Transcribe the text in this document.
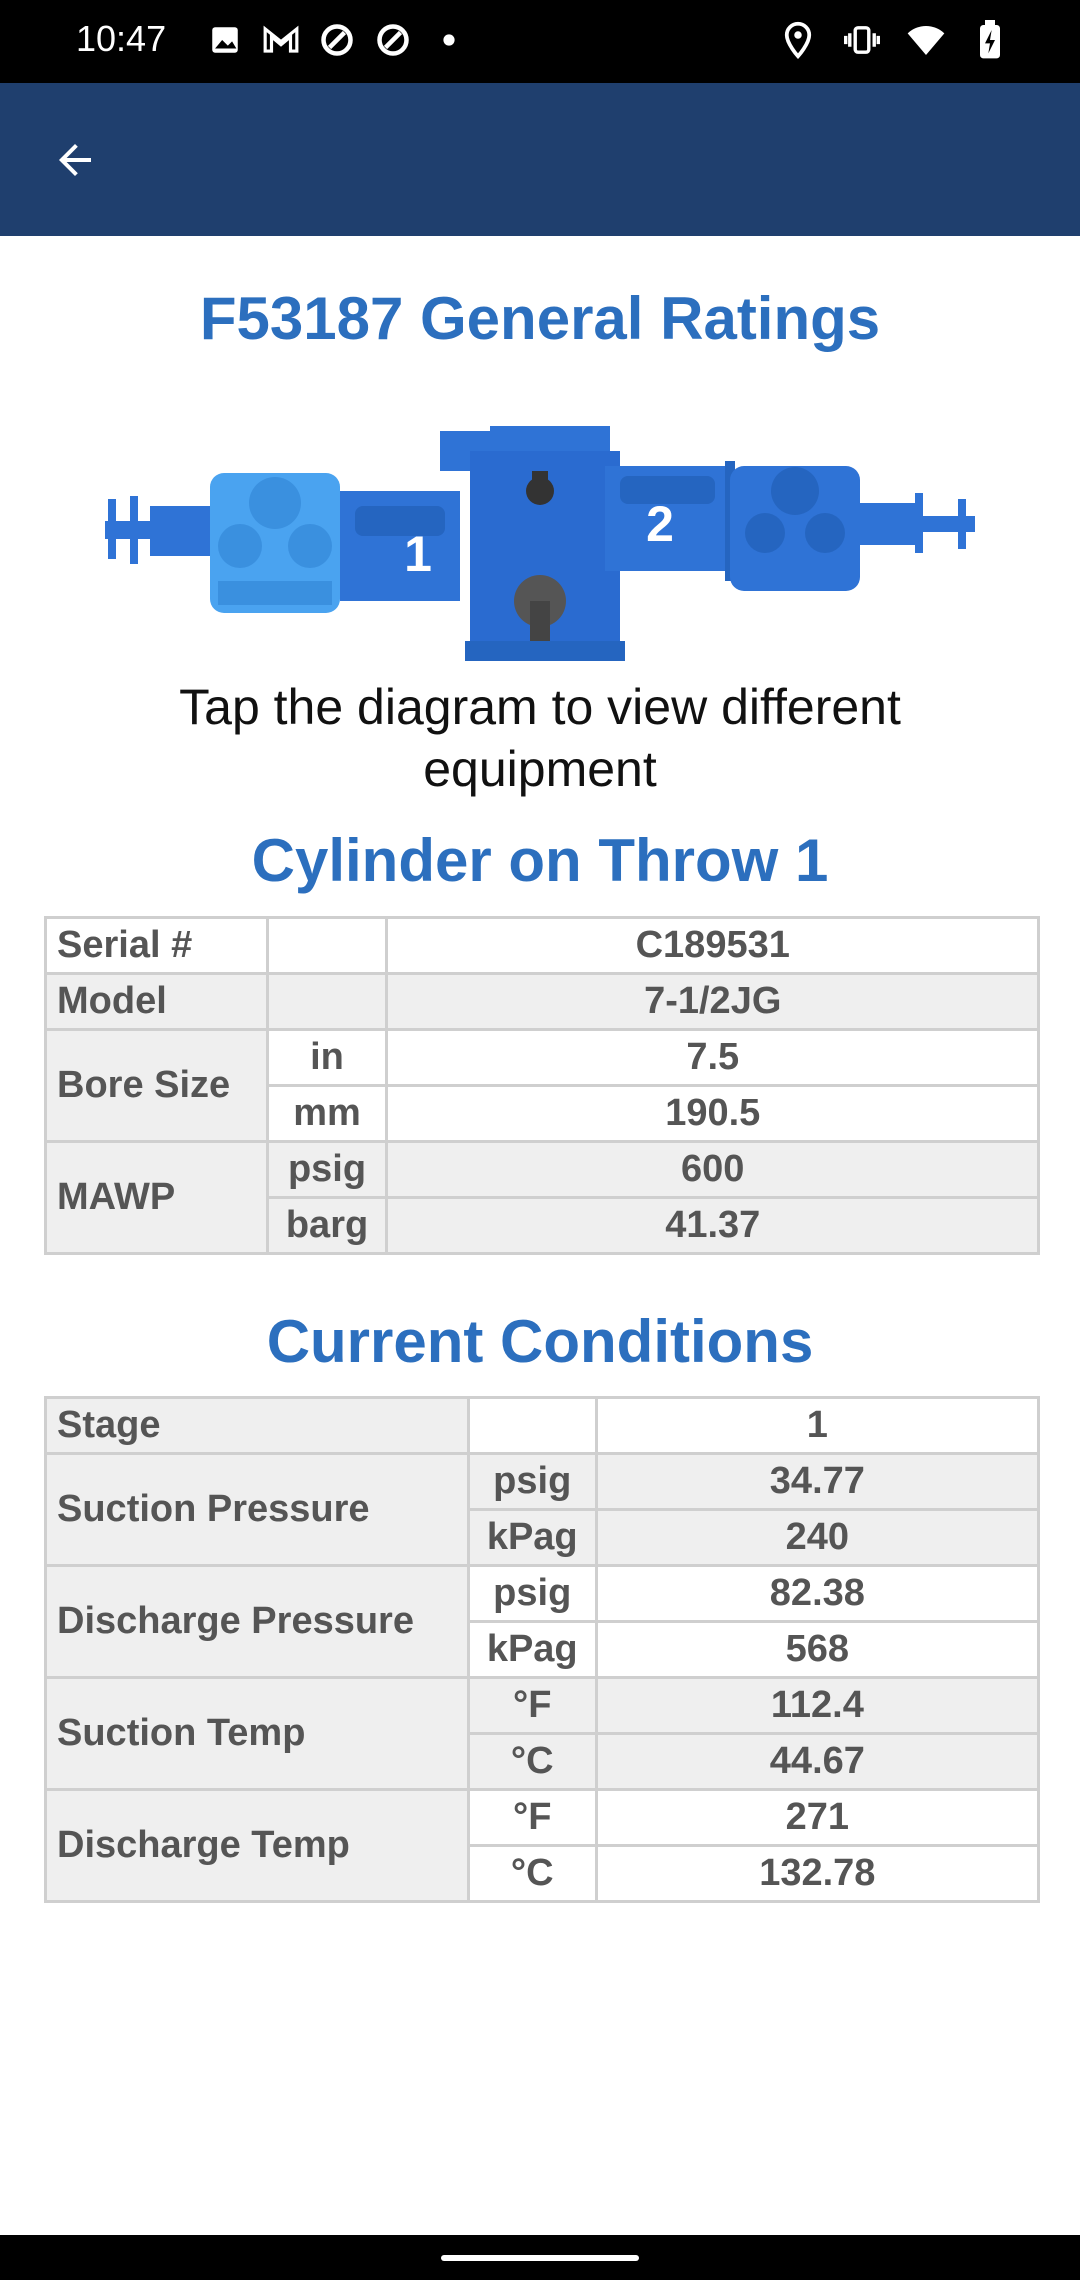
10:47
F53187 General Ratings
1
2
Tap the diagram to view different equipment
Cylinder on Throw 1
Serial #		C189531
Model		7-1/2JG
Bore Size	in	7.5
	mm	190.5
MAWP	psig	600
	barg	41.37
Current Conditions
Stage		1
Suction Pressure	psig	34.77
	kPag	240
Discharge Pressure	psig	82.38
	kPag	568
Suction Temp	°F	112.4
	°C	44.67
Discharge Temp	°F	271
	°C	132.78
